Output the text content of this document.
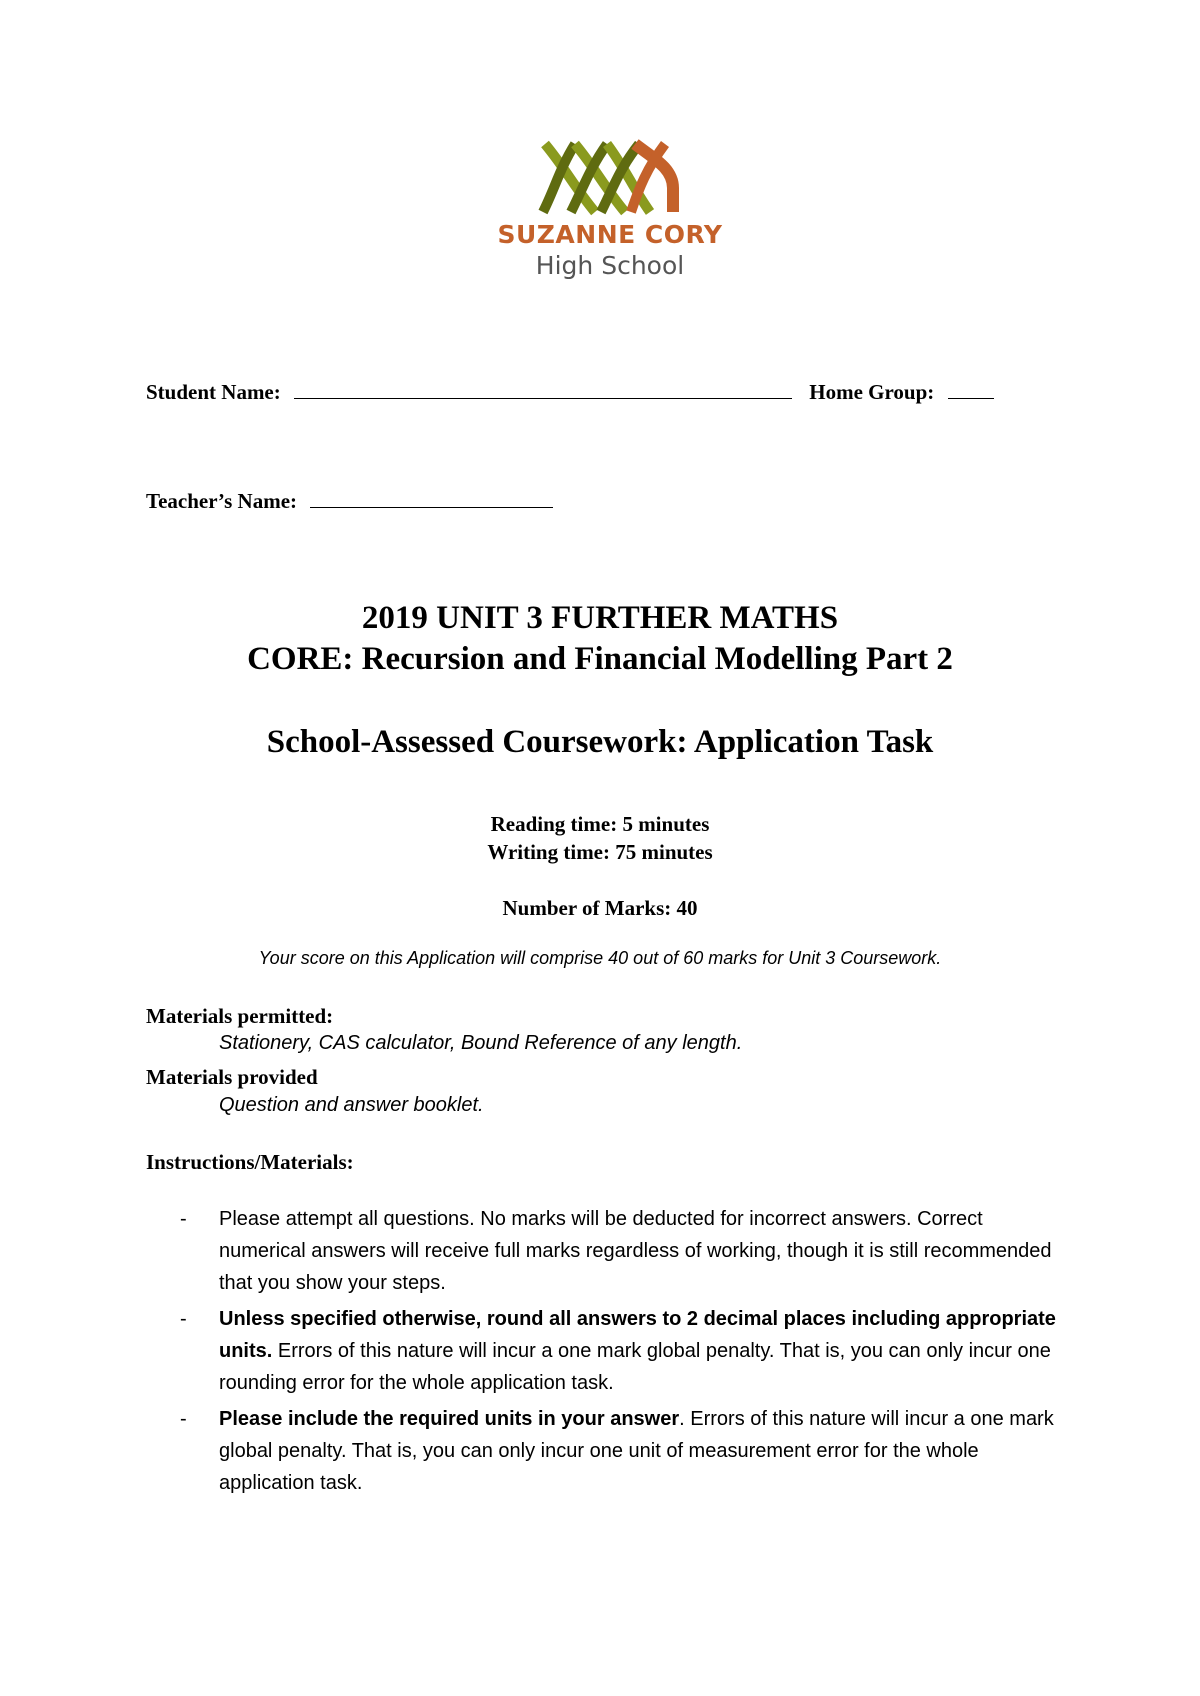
SUZANNE CORY
High School
Student Name:	Home Group:
Teacher’s Name:
2019 UNIT 3 FURTHER MATHS
CORE: Recursion and Financial Modelling Part 2
School-Assessed Coursework: Application Task
Reading time: 5 minutes
Writing time: 75 minutes
Number of Marks: 40
Your score on this Application will comprise 40 out of 60 marks for Unit 3 Coursework.
Materials permitted:
Stationery, CAS calculator, Bound Reference of any length.
Materials provided
Question and answer booklet.
Instructions/Materials:
- Please attempt all questions. No marks will be deducted for incorrect answers. Correct numerical answers will receive full marks regardless of working, though it is still recommended that you show your steps.
- Unless specified otherwise, round all answers to 2 decimal places including appropriate units. Errors of this nature will incur a one mark global penalty. That is, you can only incur one rounding error for the whole application task.
- Please include the required units in your answer. Errors of this nature will incur a one mark global penalty. That is, you can only incur one unit of measurement error for the whole application task.
